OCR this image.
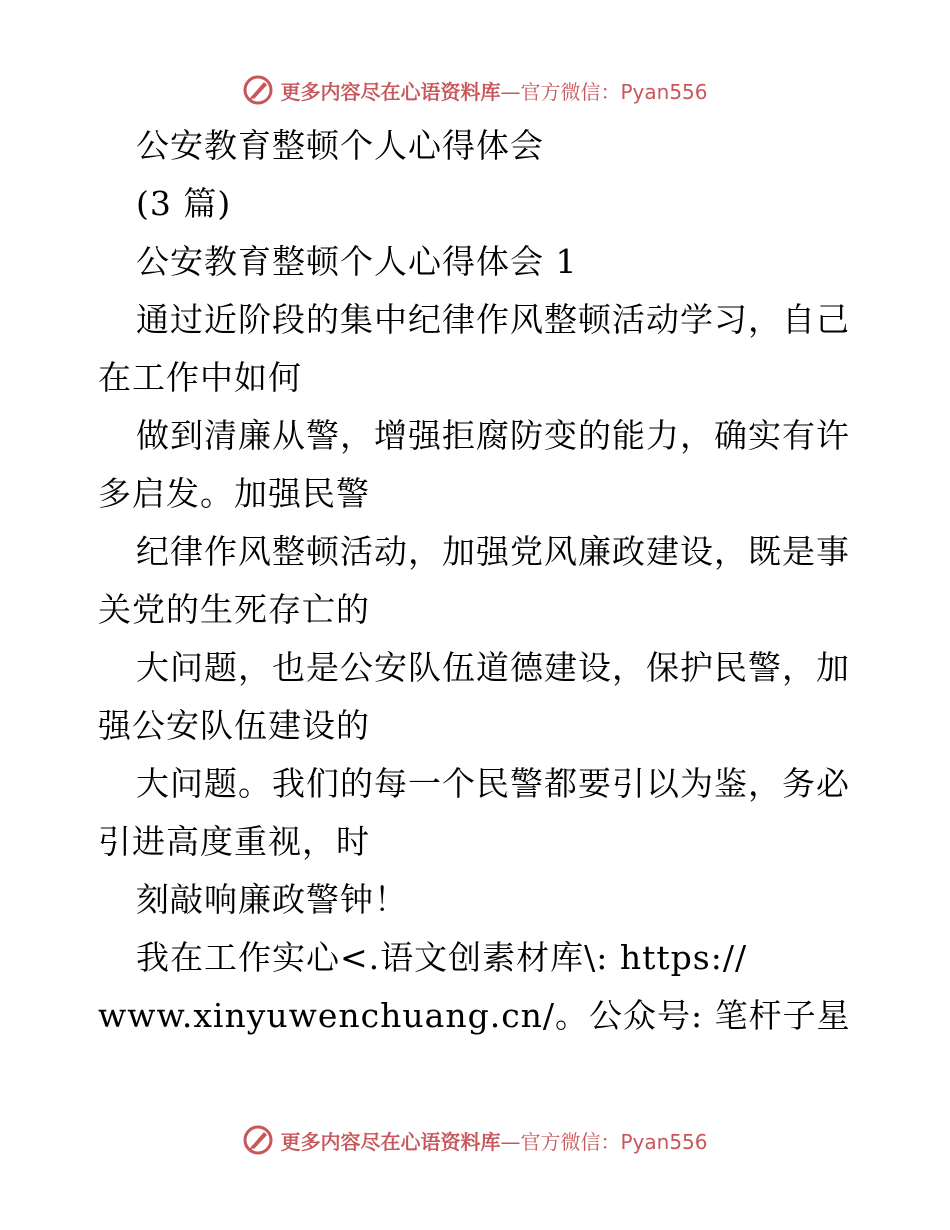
更多内容尽在心语资料库—官方微信：Pyan556
公安教育整顿个人心得体会
(3 篇)
公安教育整顿个人心得体会 1
通过近阶段的集中纪律作风整顿活动学习，自己
在工作中如何
做到清廉从警，增强拒腐防变的能力，确实有许
多启发。加强民警
纪律作风整顿活动，加强党风廉政建设，既是事
关党的生死存亡的
大问题，也是公安队伍道德建设，保护民警，加
强公安队伍建设的
大问题。我们的每一个民警都要引以为鉴，务必
引进高度重视，时
刻敲响廉政警钟！
我在工作实心<.语文创素材库\: https://
www.xinyuwenchuang.cn/。公众号: 笔杆子星
更多内容尽在心语资料库—官方微信：Pyan556
